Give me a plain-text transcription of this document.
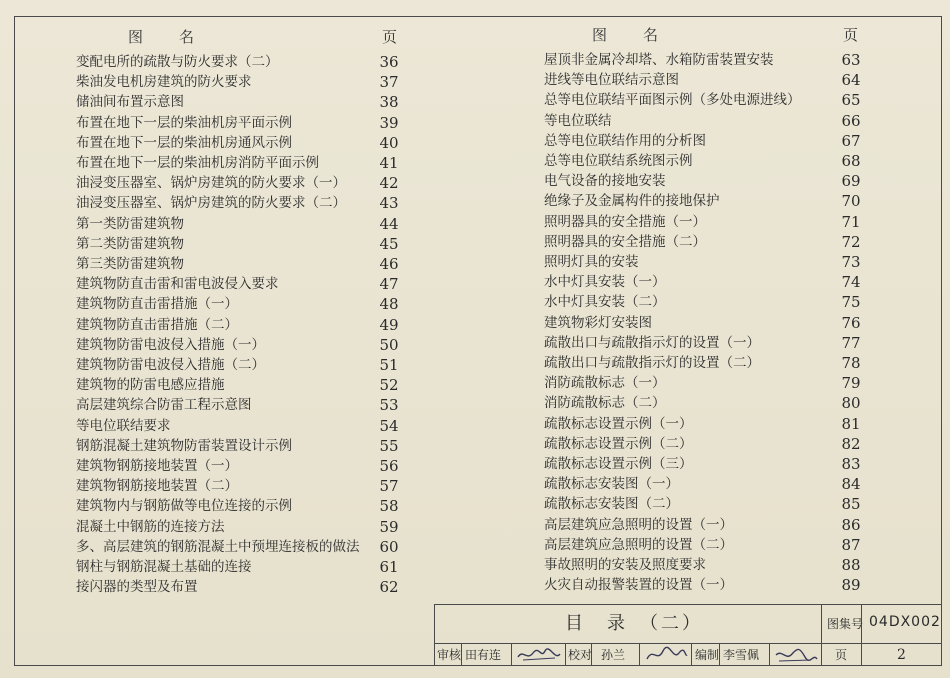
图　　名	页	图　　名	页
变配电所的疏散与防火要求（二）	36
柴油发电机房建筑的防火要求	37
储油间布置示意图	38
布置在地下一层的柴油机房平面示例	39
布置在地下一层的柴油机房通风示例	40
布置在地下一层的柴油机房消防平面示例	41
油浸变压器室、锅炉房建筑的防火要求（一）	42
油浸变压器室、锅炉房建筑的防火要求（二）	43
第一类防雷建筑物	44
第二类防雷建筑物	45
第三类防雷建筑物	46
建筑物防直击雷和雷电波侵入要求	47
建筑物防直击雷措施（一）	48
建筑物防直击雷措施（二）	49
建筑物防雷电波侵入措施（一）	50
建筑物防雷电波侵入措施（二）	51
建筑物的防雷电感应措施	52
高层建筑综合防雷工程示意图	53
等电位联结要求	54
钢筋混凝土建筑物防雷装置设计示例	55
建筑物钢筋接地装置（一）	56
建筑物钢筋接地装置（二）	57
建筑物内与钢筋做等电位连接的示例	58
混凝土中钢筋的连接方法	59
多、高层建筑的钢筋混凝土中预埋连接板的做法	60
钢柱与钢筋混凝土基础的连接	61
接闪器的类型及布置	62
屋顶非金属冷却塔、水箱防雷装置安装	63
进线等电位联结示意图	64
总等电位联结平面图示例（多处电源进线）	65
等电位联结	66
总等电位联结作用的分析图	67
总等电位联结系统图示例	68
电气设备的接地安装	69
绝缘子及金属构件的接地保护	70
照明器具的安全措施（一）	71
照明器具的安全措施（二）	72
照明灯具的安装	73
水中灯具安装（一）	74
水中灯具安装（二）	75
建筑物彩灯安装图	76
疏散出口与疏散指示灯的设置（一）	77
疏散出口与疏散指示灯的设置（二）	78
消防疏散标志（一）	79
消防疏散标志（二）	80
疏散标志设置示例（一）	81
疏散标志设置示例（二）	82
疏散标志设置示例（三）	83
疏散标志安装图（一）	84
疏散标志安装图（二）	85
高层建筑应急照明的设置（一）	86
高层建筑应急照明的设置（二）	87
事故照明的安装及照度要求	88
火灾自动报警装置的设置（一）	89
目　录　（二）	图集号 04DX002
审核 田有连	校对 孙兰	编制 李雪佩	页	2
